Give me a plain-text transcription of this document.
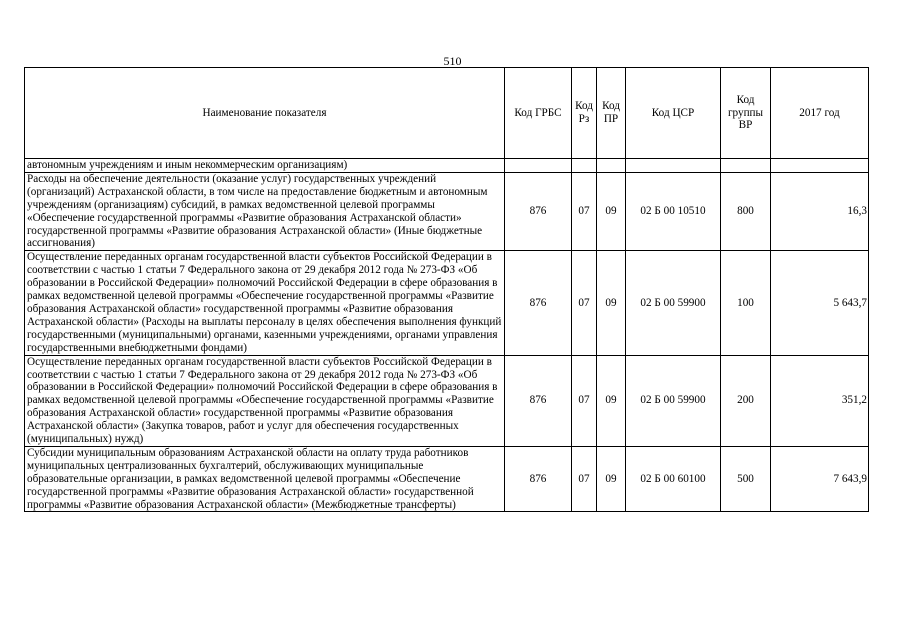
510
Наименование показателя	Код ГРБС	Код Рз	Код ПР	Код ЦСР	Код группы ВР	2017 год
автономным учреждениям и иным некоммерческим организациям)						
Расходы на обеспечение деятельности (оказание услуг) государственных учреждений (организаций) Астраханской области, в том числе на предоставление бюджетным и автономным учреждениям (организациям) субсидий, в рамках ведомственной целевой программы «Обеспечение государственной программы «Развитие образования Астраханской области» государственной программы «Развитие образования Астраханской области» (Иные бюджетные ассигнования)	876	07	09	02 Б 00 10510	800	16,3
Осуществление переданных органам государственной власти субъектов Российской Федерации в соответствии с частью 1 статьи 7 Федерального закона от 29 декабря 2012 года № 273-ФЗ «Об образовании в Российской Федерации» полномочий Российской Федерации в сфере образования в рамках ведомственной целевой программы «Обеспечение государственной программы «Развитие образования Астраханской области» государственной программы «Развитие образования Астраханской области» (Расходы на выплаты персоналу в целях обеспечения выполнения функций государственными (муниципальными) органами, казенными учреждениями, органами управления государственными внебюджетными фондами)	876	07	09	02 Б 00 59900	100	5 643,7
Осуществление переданных органам государственной власти субъектов Российской Федерации в соответствии с частью 1 статьи 7 Федерального закона от 29 декабря 2012 года № 273-ФЗ «Об образовании в Российской Федерации» полномочий Российской Федерации в сфере образования в рамках ведомственной целевой программы «Обеспечение государственной программы «Развитие образования Астраханской области» государственной программы «Развитие образования Астраханской области» (Закупка товаров, работ и услуг для обеспечения государственных (муниципальных) нужд)	876	07	09	02 Б 00 59900	200	351,2
Субсидии муниципальным образованиям Астраханской области на оплату труда работников муниципальных централизованных бухгалтерий, обслуживающих муниципальные образовательные организации, в рамках ведомственной целевой программы «Обеспечение государственной программы «Развитие образования Астраханской области» государственной программы «Развитие образования Астраханской области» (Межбюджетные трансферты)	876	07	09	02 Б 00 60100	500	7 643,9
